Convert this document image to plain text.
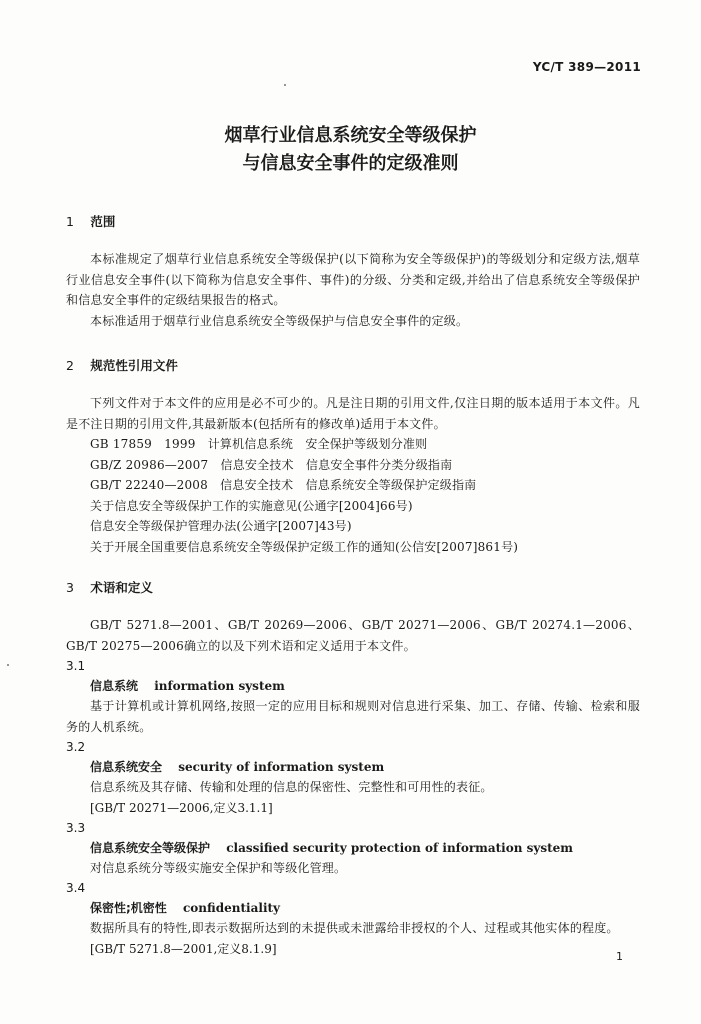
YC/T 389—2011
烟草行业信息系统安全等级保护
与信息安全事件的定级准则
1 范围
本标准规定了烟草行业信息系统安全等级保护(以下简称为安全等级保护)的等级划分和定级方法,烟草行业信息安全事件(以下简称为信息安全事件、事件)的分级、分类和定级,并给出了信息系统安全等级保护和信息安全事件的定级结果报告的格式。
本标准适用于烟草行业信息系统安全等级保护与信息安全事件的定级。
2 规范性引用文件
下列文件对于本文件的应用是必不可少的。凡是注日期的引用文件,仅注日期的版本适用于本文件。凡是不注日期的引用文件,其最新版本(包括所有的修改单)适用于本文件。
GB 17859　1999　计算机信息系统　安全保护等级划分准则
GB/Z 20986—2007　信息安全技术　信息安全事件分类分级指南
GB/T 22240—2008　信息安全技术　信息系统安全等级保护定级指南
关于信息安全等级保护工作的实施意见(公通字[2004]66号)
信息安全等级保护管理办法(公通字[2007]43号)
关于开展全国重要信息系统安全等级保护定级工作的通知(公信安[2007]861号)
3 术语和定义
GB/T 5271.8—2001、GB/T 20269—2006、GB/T 20271—2006、GB/T 20274.1—2006、GB/T 20275—2006确立的以及下列术语和定义适用于本文件。
3.1
信息系统 information system
基于计算机或计算机网络,按照一定的应用目标和规则对信息进行采集、加工、存储、传输、检索和服务的人机系统。
3.2
信息系统安全 security of information system
信息系统及其存储、传输和处理的信息的保密性、完整性和可用性的表征。
[GB/T 20271—2006,定义3.1.1]
3.3
信息系统安全等级保护 classified security protection of information system
对信息系统分等级实施安全保护和等级化管理。
3.4
保密性;机密性 confidentiality
数据所具有的特性,即表示数据所达到的未提供或未泄露给非授权的个人、过程或其他实体的程度。
[GB/T 5271.8—2001,定义8.1.9]
1
